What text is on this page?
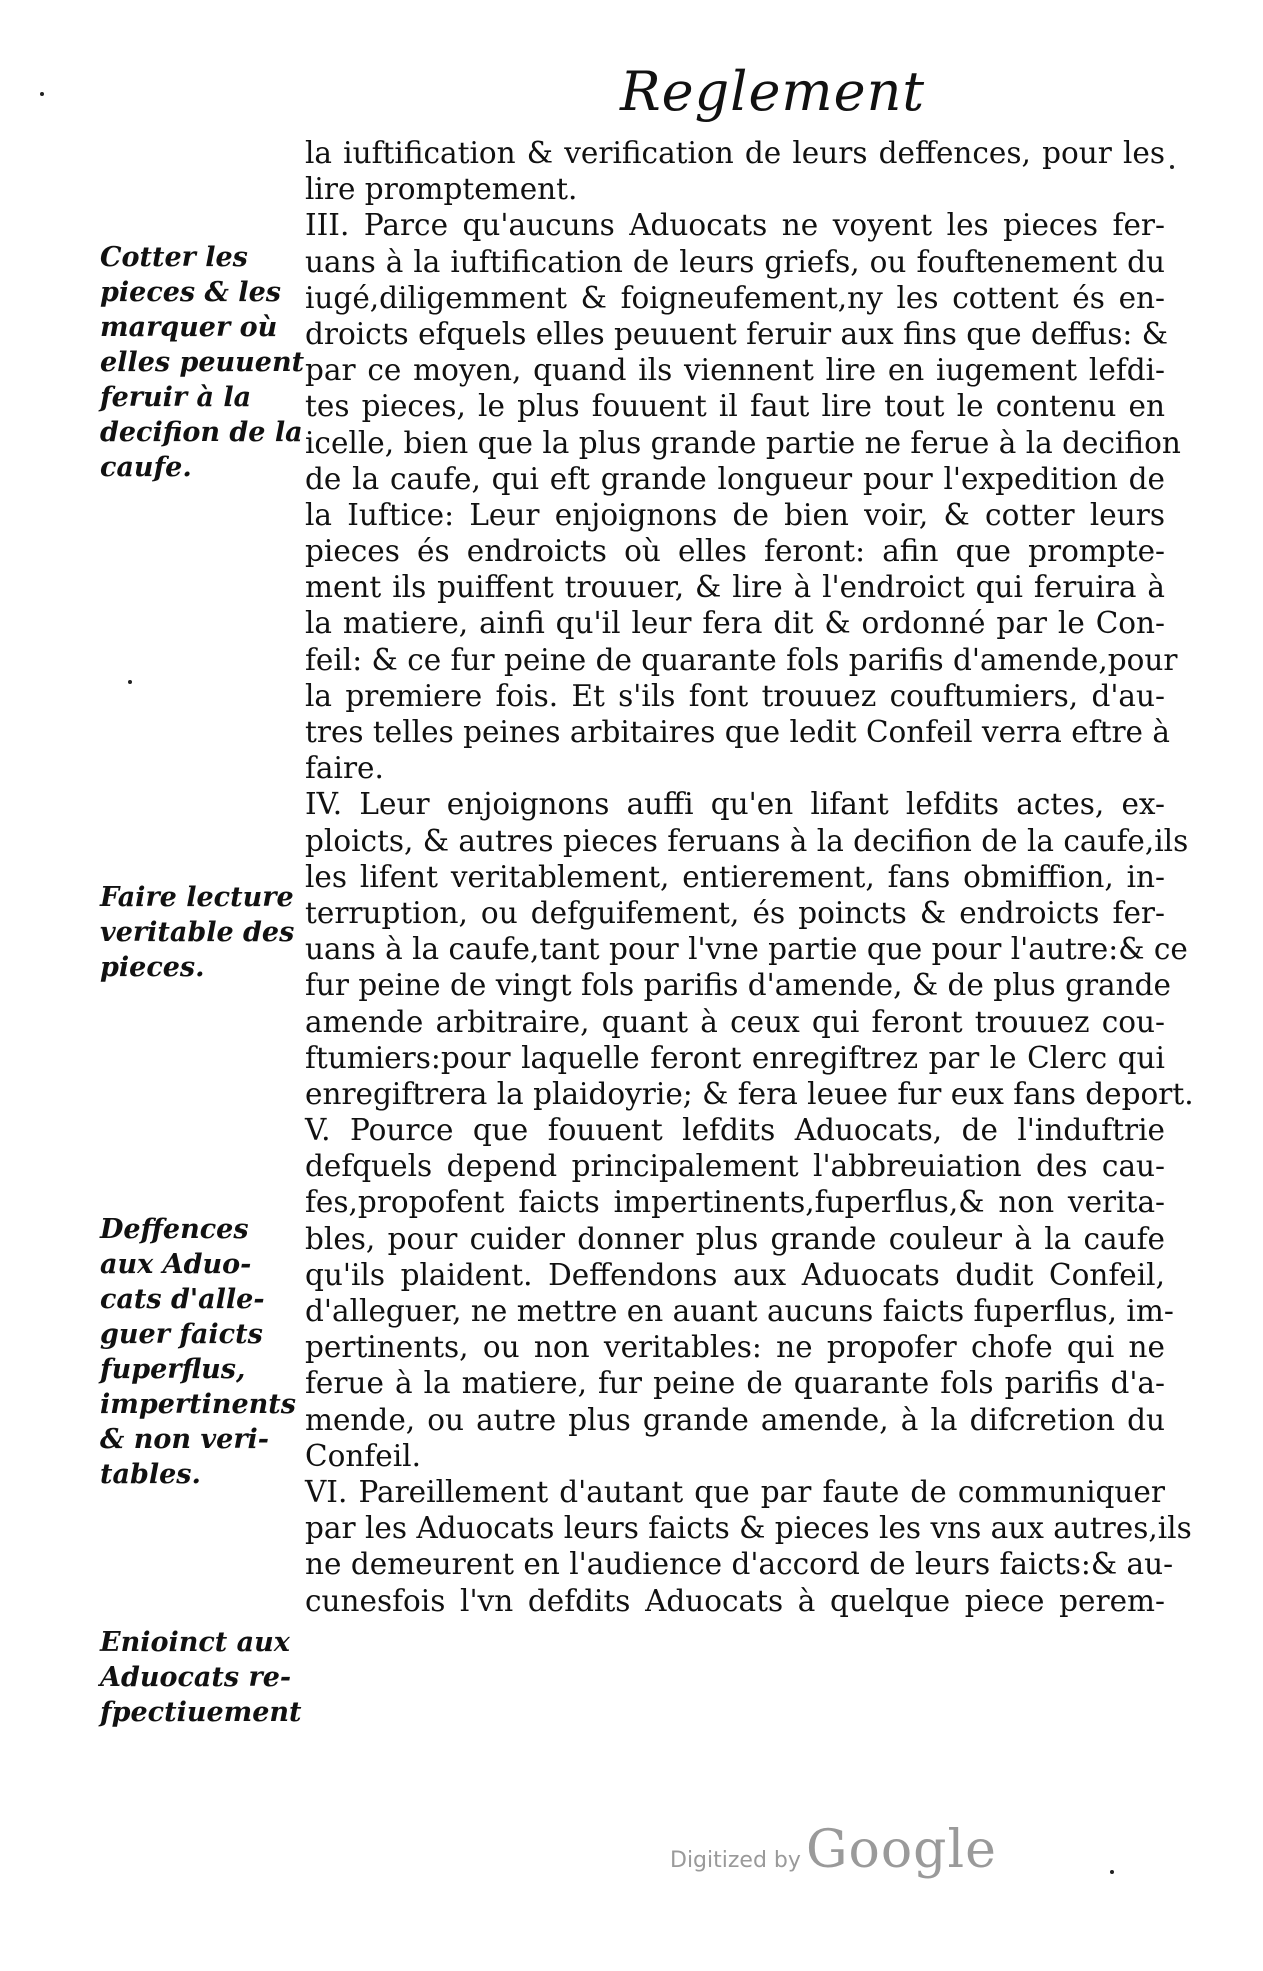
Reglement
la iuftification & verification de leurs deffences, pour les
lire promptement.
III. Parce qu'aucuns Aduocats ne voyent les pieces fer-
uans à la iuftification de leurs griefs, ou fouftenement du
iugé,diligemment & foigneufement,ny les cottent és en-
droicts efquels elles peuuent feruir aux fins que deffus: &
par ce moyen, quand ils viennent lire en iugement lefdi-
tes pieces, le plus fouuent il faut lire tout le contenu en
icelle, bien que la plus grande partie ne ferue à la decifion
de la caufe, qui eft grande longueur pour l'expedition de
la Iuftice: Leur enjoignons de bien voir, & cotter leurs
pieces és endroicts où elles feront: afin que prompte-
ment ils puiffent trouuer, & lire à l'endroict qui feruira à
la matiere, ainfi qu'il leur fera dit & ordonné par le Con-
feil: & ce fur peine de quarante fols parifis d'amende,pour
la premiere fois. Et s'ils font trouuez couftumiers, d'au-
tres telles peines arbitaires que ledit Confeil verra eftre à
faire.
IV. Leur enjoignons auffi qu'en lifant lefdits actes, ex-
ploicts, & autres pieces feruans à la decifion de la caufe,ils
les lifent veritablement, entierement, fans obmiffion, in-
terruption, ou defguifement, és poincts & endroicts fer-
uans à la caufe,tant pour l'vne partie que pour l'autre:& ce
fur peine de vingt fols parifis d'amende, & de plus grande
amende arbitraire, quant à ceux qui feront trouuez cou-
ftumiers:pour laquelle feront enregiftrez par le Clerc qui
enregiftrera la plaidoyrie; & fera leuee fur eux fans deport.
V. Pource que fouuent lefdits Aduocats, de l'induftrie
defquels depend principalement l'abbreuiation des cau-
fes,propofent faicts impertinents,fuperflus,& non verita-
bles, pour cuider donner plus grande couleur à la caufe
qu'ils plaident. Deffendons aux Aduocats dudit Confeil,
d'alleguer, ne mettre en auant aucuns faicts fuperflus, im-
pertinents, ou non veritables: ne propofer chofe qui ne
ferue à la matiere, fur peine de quarante fols parifis d'a-
mende, ou autre plus grande amende, à la difcretion du
Confeil.
VI. Pareillement d'autant que par faute de communiquer
par les Aduocats leurs faicts & pieces les vns aux autres,ils
ne demeurent en l'audience d'accord de leurs faicts:& au-
cunesfois l'vn defdits Aduocats à quelque piece perem-
Cotter les
pieces & les
marquer où
elles peuuent
feruir à la
decifion de la
caufe.
Faire lecture
veritable des
pieces.
Deffences
aux Aduo-
cats d'alle-
guer faicts
fuperflus,
impertinents
& non veri-
tables.
Enioinct aux
Aduocats re-
fpectiuement
Digitized by Google
